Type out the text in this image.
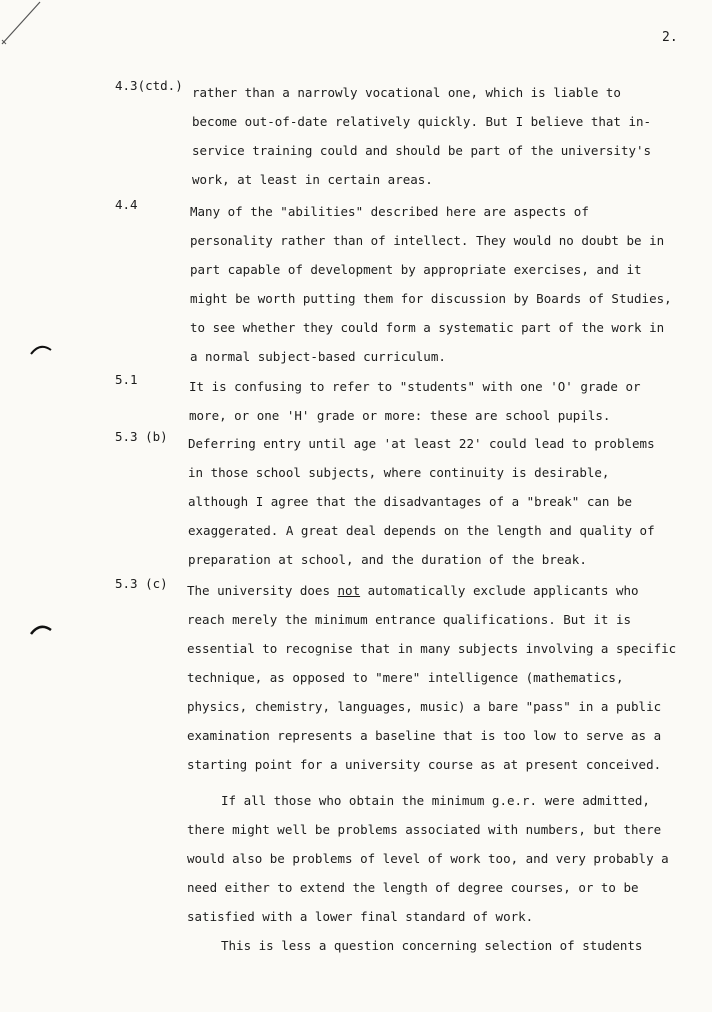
2.
4.3(ctd.) rather than a narrowly vocational one, which is liable to become out-of-date relatively quickly. But I believe that in-service training could and should be part of the university's work, at least in certain areas.
4.4	Many of the "abilities" described here are aspects of personality rather than of intellect. They would no doubt be in part capable of development by appropriate exercises, and it might be worth putting them for discussion by Boards of Studies, to see whether they could form a systematic part of the work in a normal subject-based curriculum.
5.1	It is confusing to refer to "students" with one 'O' grade or more, or one 'H' grade or more: these are school pupils.
5.3 (b) Deferring entry until age 'at least 22' could lead to problems in those school subjects, where continuity is desirable, although I agree that the disadvantages of a "break" can be exaggerated. A great deal depends on the length and quality of preparation at school, and the duration of the break.
5.3 (c) The university does not automatically exclude applicants who reach merely the minimum entrance qualifications. But it is essential to recognise that in many subjects involving a specific technique, as opposed to "mere" intelligence (mathematics, physics, chemistry, languages, music) a bare "pass" in a public examination represents a baseline that is too low to serve as a starting point for a university course as at present conceived.
If all those who obtain the minimum g.e.r. were admitted, there might well be problems associated with numbers, but there would also be problems of level of work too, and very probably a need either to extend the length of degree courses, or to be satisfied with a lower final standard of work.
This is less a question concerning selection of students
